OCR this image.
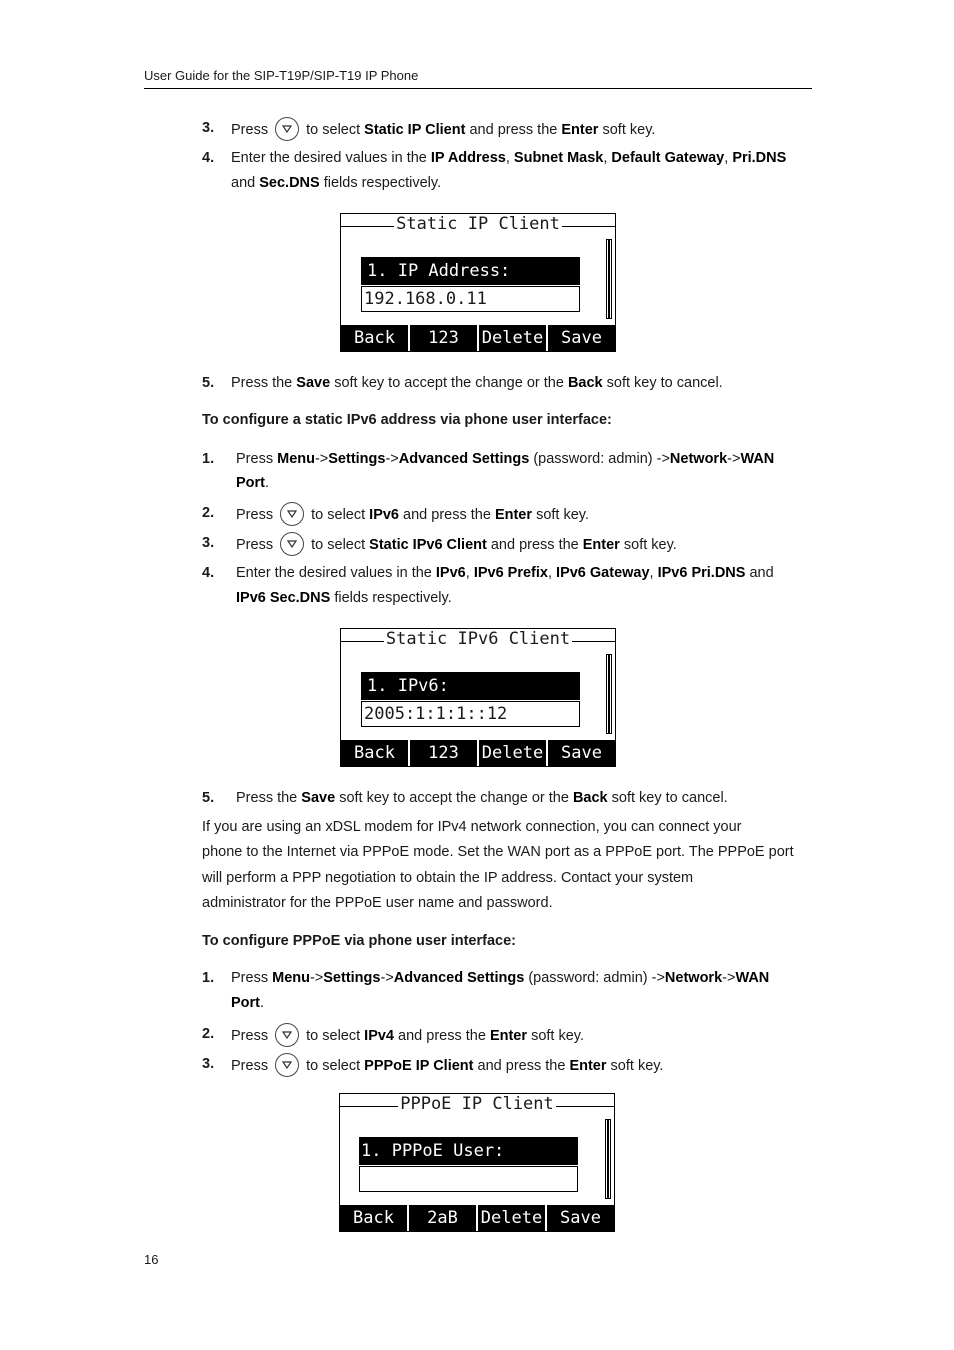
User Guide for the SIP-T19P/SIP-T19 IP Phone
3. Press	to select Static IP Client and press the Enter soft key.
4. Enter the desired values in the IP Address, Subnet Mask, Default Gateway, Pri.DNS
and Sec.DNS fields respectively.
Static IP Client
1. IP Address:
192.168.0.11
Back	123	Delete	Save
5. Press the Save soft key to accept the change or the Back soft key to cancel.
To configure a static IPv6 address via phone user interface:
1. Press Menu->Settings->Advanced Settings (password: admin) ->Network->WAN
Port.
2. Press	to select IPv6 and press the Enter soft key.
3. Press	to select Static IPv6 Client and press the Enter soft key.
4. Enter the desired values in the IPv6, IPv6 Prefix, IPv6 Gateway, IPv6 Pri.DNS and
IPv6 Sec.DNS fields respectively.
Static IPv6 Client
1. IPv6:
2005:1:1:1::12
Back	123	Delete	Save
5. Press the Save soft key to accept the change or the Back soft key to cancel.
If you are using an xDSL modem for IPv4 network connection, you can connect your
phone to the Internet via PPPoE mode. Set the WAN port as a PPPoE port. The PPPoE port
will perform a PPP negotiation to obtain the IP address. Contact your system
administrator for the PPPoE user name and password.
To configure PPPoE via phone user interface:
1. Press Menu->Settings->Advanced Settings (password: admin) ->Network->WAN
Port.
2. Press	to select IPv4 and press the Enter soft key.
3. Press	to select PPPoE IP Client and press the Enter soft key.
PPPoE IP Client
1. PPPoE User:
Back	2aB	Delete	Save
16
